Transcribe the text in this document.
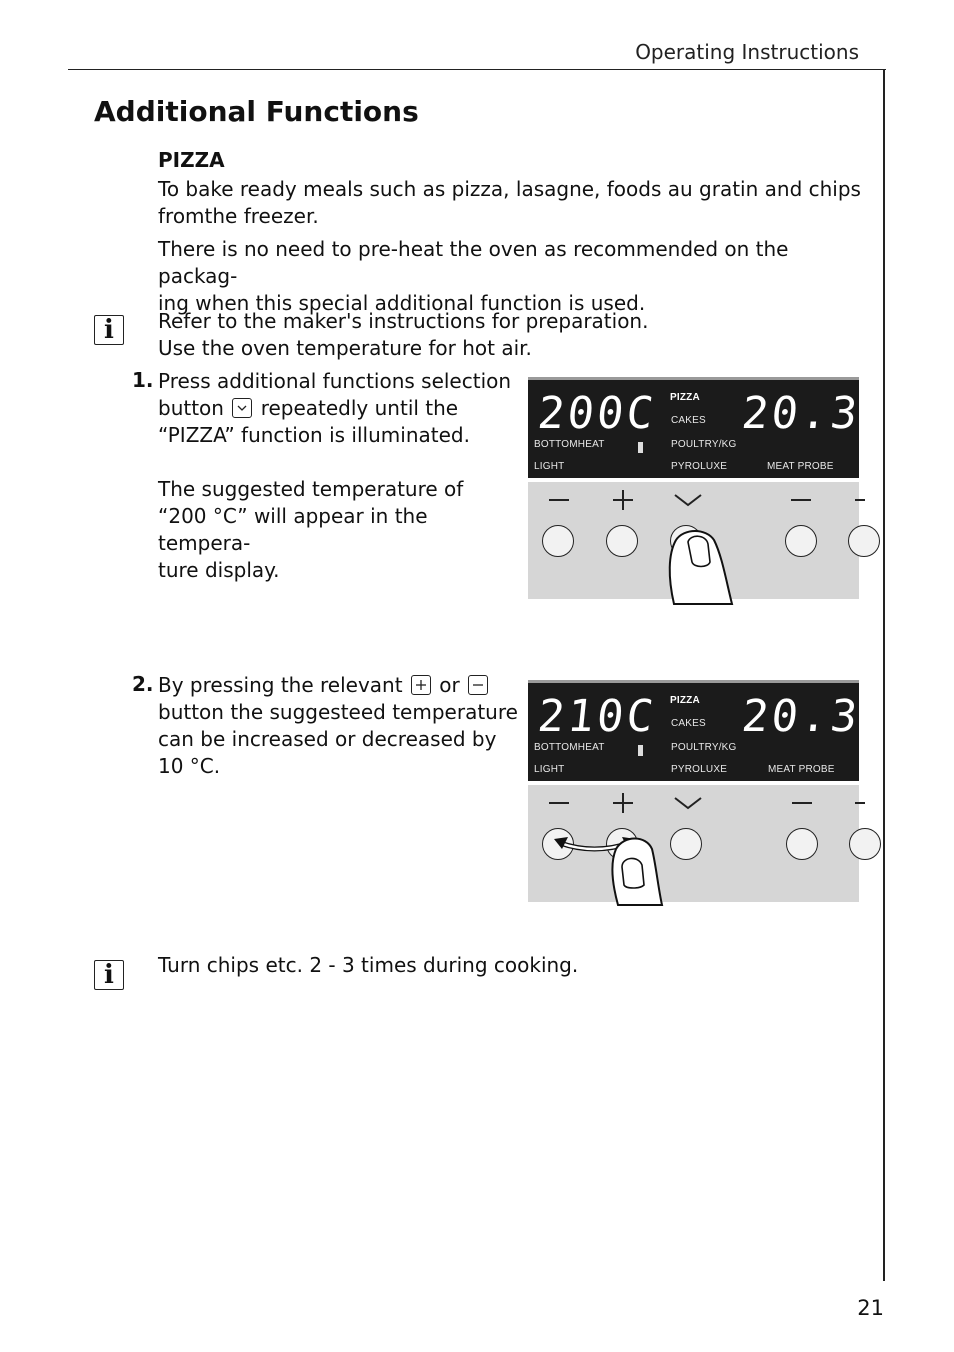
Operating Instructions
Additional Functions
PIZZA
To bake ready meals such as pizza, lasagne, foods au gratin and chips
fromthe freezer.
There is no need to pre-heat the oven as recommended on the packag-
ing when this special additional function is used.
i	Refer to the maker's instructions for preparation.
Use the oven temperature for hot air.
1. Press additional functions selection
button repeatedly until the
“PIZZA” function is illuminated.
The suggested temperature of
“200 °C” will appear in the tempera-
ture display.
200C PIZZA
CAKES 20.35
BOTTOMHEAT	POULTRY/KG
LIGHT	PYROLUXE	MEAT PROBE
2. By pressing the relevant or
button the suggesteed temperature
can be increased or decreased by
10 °C.
210C PIZZA
CAKES 20.35
BOTTOMHEAT	POULTRY/KG
LIGHT	PYROLUXE	MEAT PROBE
i	Turn chips etc. 2 - 3 times during cooking.
21
